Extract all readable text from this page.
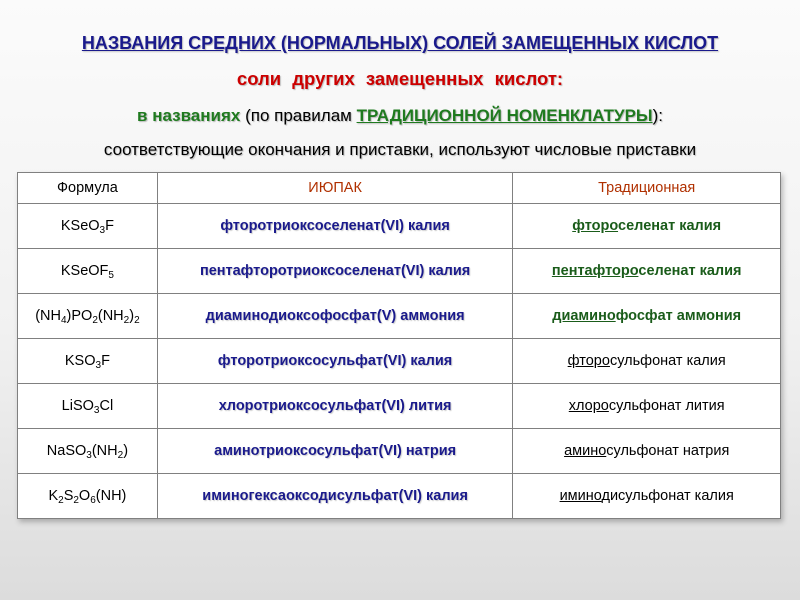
НАЗВАНИЯ СРЕДНИХ (НОРМАЛЬНЫХ) СОЛЕЙ ЗАМЕЩЕННЫХ КИСЛОТ
соли других замещенных кислот:
в названиях (по правилам ТРАДИЦИОННОЙ НОМЕНКЛАТУРЫ):
соответствующие окончания и приставки, используют числовые приставки
Формула	ИЮПАК	Традиционная
KSeO$_3$F	фторотриоксоселенат(VI) калия	фтороселенат калия
KSeOF$_5$	пентафторотриоксоселенат(VI) калия	пентафтороселенат калия
$(NH_4)PO_2(NH_2)_2$	диаминодиоксофосфат(V) аммония	диаминофосфат аммония
$KSO_3F$	фторотриоксосульфат(VI) калия	фторосульфонат калия
LiSO$_3$Cl	хлоротриоксосульфат(VI) лития	хлоросульфонат лития
$NaSO_3(NH_2)$	аминотриоксосульфат(VI) натрия	аминосульфонат натрия
$K_2S_2O_6(NH)$	иминогексаоксодисульфат(VI) калия	иминодисульфонат калия
